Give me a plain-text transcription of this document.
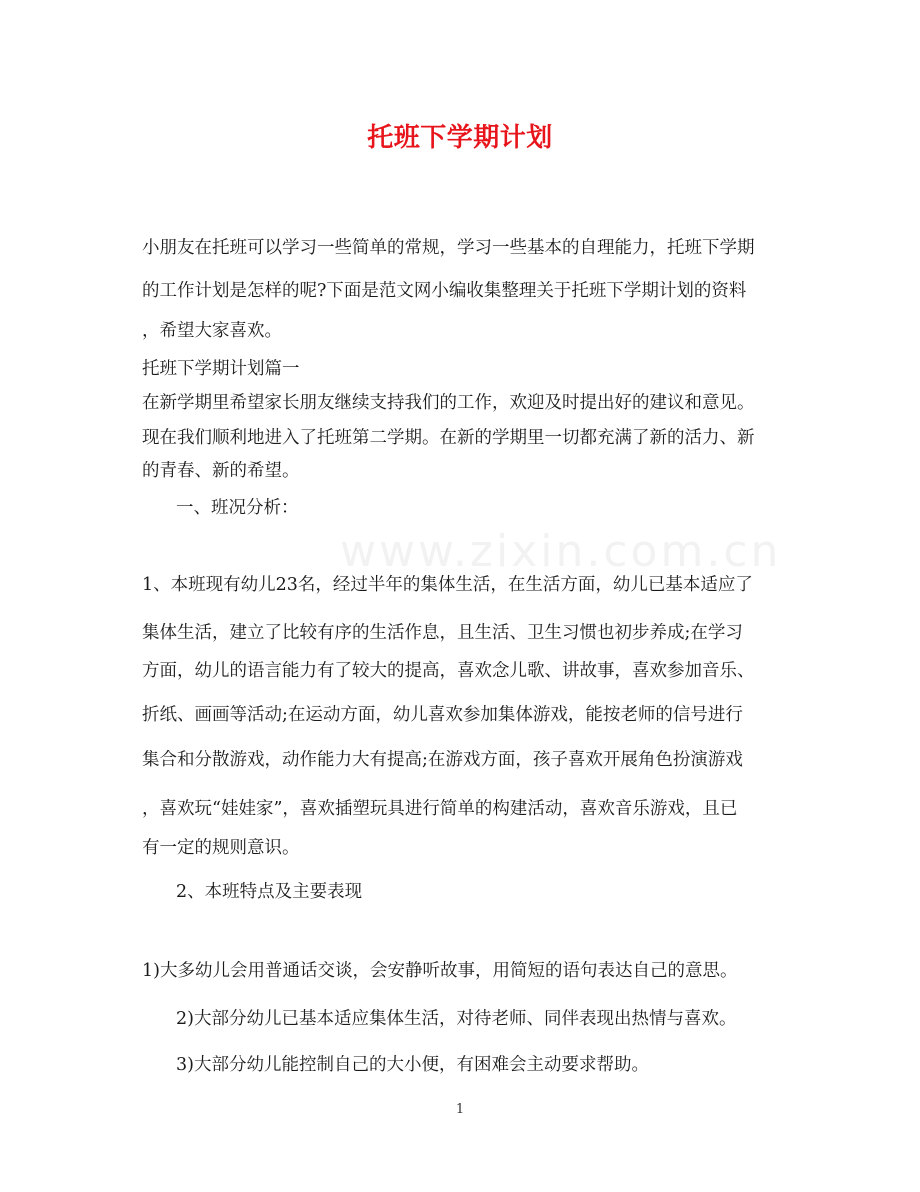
www.zixin.com.cn
托班下学期计划
小朋友在托班可以学习一些简单的常规，学习一些基本的自理能力，托班下学期
的工作计划是怎样的呢?下面是范文网小编收集整理关于托班下学期计划的资料
，希望大家喜欢。
托班下学期计划篇一
在新学期里希望家长朋友继续支持我们的工作，欢迎及时提出好的建议和意见。
现在我们顺利地进入了托班第二学期。在新的学期里一切都充满了新的活力、新
的青春、新的希望。
一、班况分析：
1、本班现有幼儿23名，经过半年的集体生活，在生活方面，幼儿已基本适应了
集体生活，建立了比较有序的生活作息，且生活、卫生习惯也初步养成;在学习
方面，幼儿的语言能力有了较大的提高，喜欢念儿歌、讲故事，喜欢参加音乐、
折纸、画画等活动;在运动方面，幼儿喜欢参加集体游戏，能按老师的信号进行
集合和分散游戏，动作能力大有提高;在游戏方面，孩子喜欢开展角色扮演游戏
，喜欢玩“娃娃家”，喜欢插塑玩具进行简单的构建活动，喜欢音乐游戏，且已
有一定的规则意识。
2、本班特点及主要表现
1)大多幼儿会用普通话交谈，会安静听故事，用简短的语句表达自己的意思。
2)大部分幼儿已基本适应集体生活，对待老师、同伴表现出热情与喜欢。
3)大部分幼儿能控制自己的大小便，有困难会主动要求帮助。
1
